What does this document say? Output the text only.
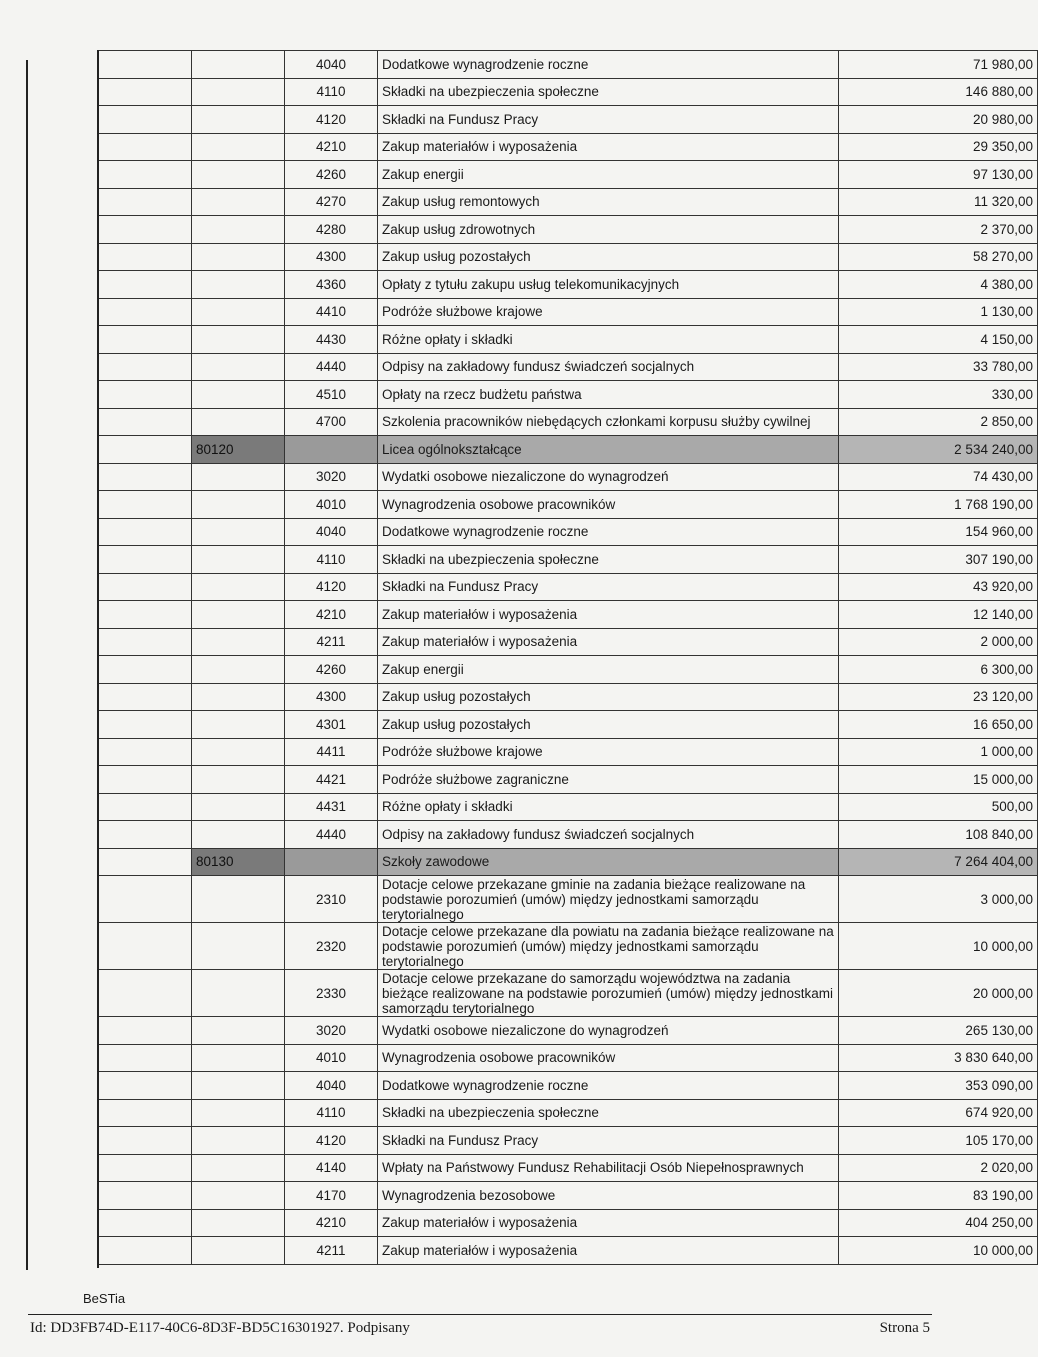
		4040	Dodatkowe wynagrodzenie roczne	71 980,00
		4110	Składki na ubezpieczenia społeczne	146 880,00
		4120	Składki na Fundusz Pracy	20 980,00
		4210	Zakup materiałów i wyposażenia	29 350,00
		4260	Zakup energii	97 130,00
		4270	Zakup usług remontowych	11 320,00
		4280	Zakup usług zdrowotnych	2 370,00
		4300	Zakup usług pozostałych	58 270,00
		4360	Opłaty z tytułu zakupu usług telekomunikacyjnych	4 380,00
		4410	Podróże służbowe krajowe	1 130,00
		4430	Różne opłaty i składki	4 150,00
		4440	Odpisy na zakładowy fundusz świadczeń socjalnych	33 780,00
		4510	Opłaty na rzecz budżetu państwa	330,00
		4700	Szkolenia pracowników niebędących członkami korpusu służby cywilnej	2 850,00
	80120		Licea ogólnokształcące	2 534 240,00
		3020	Wydatki osobowe niezaliczone do wynagrodzeń	74 430,00
		4010	Wynagrodzenia osobowe pracowników	1 768 190,00
		4040	Dodatkowe wynagrodzenie roczne	154 960,00
		4110	Składki na ubezpieczenia społeczne	307 190,00
		4120	Składki na Fundusz Pracy	43 920,00
		4210	Zakup materiałów i wyposażenia	12 140,00
		4211	Zakup materiałów i wyposażenia	2 000,00
		4260	Zakup energii	6 300,00
		4300	Zakup usług pozostałych	23 120,00
		4301	Zakup usług pozostałych	16 650,00
		4411	Podróże służbowe krajowe	1 000,00
		4421	Podróże służbowe zagraniczne	15 000,00
		4431	Różne opłaty i składki	500,00
		4440	Odpisy na zakładowy fundusz świadczeń socjalnych	108 840,00
	80130		Szkoły zawodowe	7 264 404,00
		2310	Dotacje celowe przekazane gminie na zadania bieżące realizowane na podstawie porozumień (umów) między jednostkami samorządu terytorialnego	3 000,00
		2320	Dotacje celowe przekazane dla powiatu na zadania bieżące realizowane na podstawie porozumień (umów) między jednostkami samorządu terytorialnego	10 000,00
		2330	Dotacje celowe przekazane do samorządu województwa na zadania bieżące realizowane na podstawie porozumień (umów) między jednostkami samorządu terytorialnego	20 000,00
		3020	Wydatki osobowe niezaliczone do wynagrodzeń	265 130,00
		4010	Wynagrodzenia osobowe pracowników	3 830 640,00
		4040	Dodatkowe wynagrodzenie roczne	353 090,00
		4110	Składki na ubezpieczenia społeczne	674 920,00
		4120	Składki na Fundusz Pracy	105 170,00
		4140	Wpłaty na Państwowy Fundusz Rehabilitacji Osób Niepełnosprawnych	2 020,00
		4170	Wynagrodzenia bezosobowe	83 190,00
		4210	Zakup materiałów i wyposażenia	404 250,00
		4211	Zakup materiałów i wyposażenia	10 000,00
BeSTia
Id: DD3FB74D-E117-40C6-8D3F-BD5C16301927. Podpisany	Strona 5
